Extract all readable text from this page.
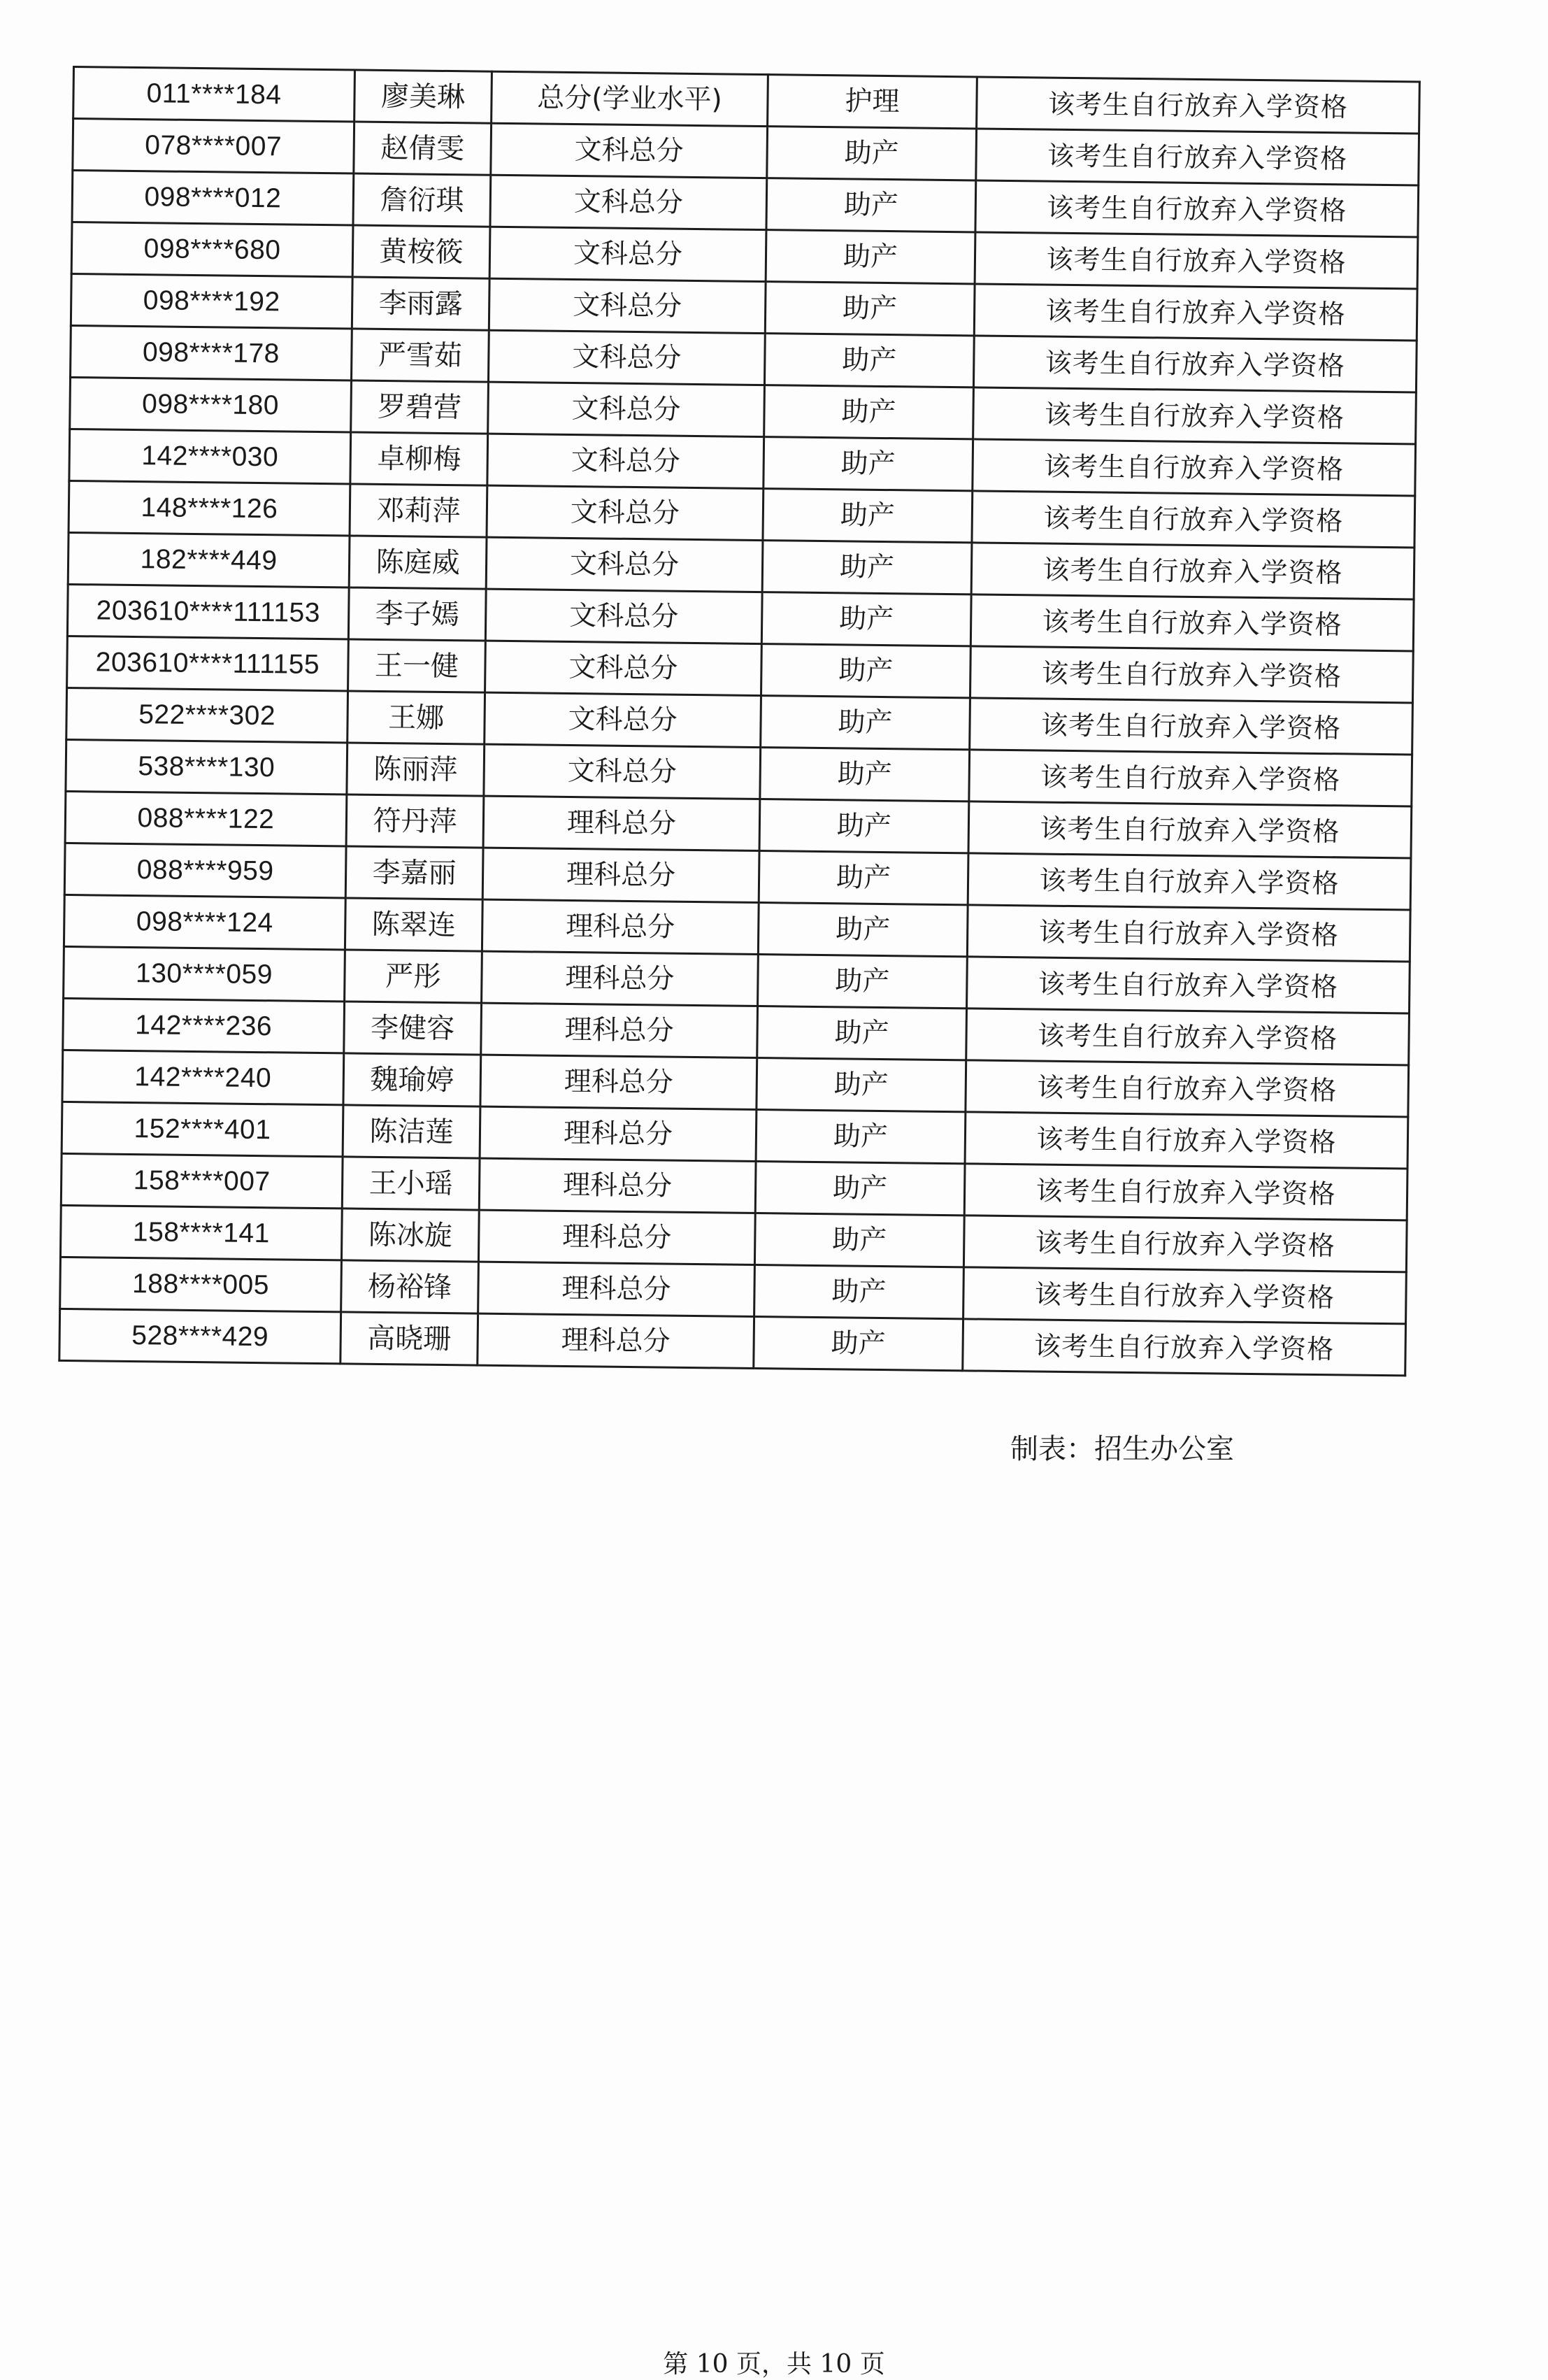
011****184	廖美琳	总分(学业水平)	护理	该考生自行放弃入学资格
078****007	赵倩雯	文科总分	助产	该考生自行放弃入学资格
098****012	詹衍琪	文科总分	助产	该考生自行放弃入学资格
098****680	黄桉筱	文科总分	助产	该考生自行放弃入学资格
098****192	李雨露	文科总分	助产	该考生自行放弃入学资格
098****178	严雪茹	文科总分	助产	该考生自行放弃入学资格
098****180	罗碧营	文科总分	助产	该考生自行放弃入学资格
142****030	卓柳梅	文科总分	助产	该考生自行放弃入学资格
148****126	邓莉萍	文科总分	助产	该考生自行放弃入学资格
182****449	陈庭威	文科总分	助产	该考生自行放弃入学资格
203610****111153	李子嫣	文科总分	助产	该考生自行放弃入学资格
203610****111155	王一健	文科总分	助产	该考生自行放弃入学资格
522****302	王娜	文科总分	助产	该考生自行放弃入学资格
538****130	陈丽萍	文科总分	助产	该考生自行放弃入学资格
088****122	符丹萍	理科总分	助产	该考生自行放弃入学资格
088****959	李嘉丽	理科总分	助产	该考生自行放弃入学资格
098****124	陈翠连	理科总分	助产	该考生自行放弃入学资格
130****059	严彤	理科总分	助产	该考生自行放弃入学资格
142****236	李健容	理科总分	助产	该考生自行放弃入学资格
142****240	魏瑜婷	理科总分	助产	该考生自行放弃入学资格
152****401	陈洁莲	理科总分	助产	该考生自行放弃入学资格
158****007	王小瑶	理科总分	助产	该考生自行放弃入学资格
158****141	陈冰旋	理科总分	助产	该考生自行放弃入学资格
188****005	杨裕锋	理科总分	助产	该考生自行放弃入学资格
528****429	高晓珊	理科总分	助产	该考生自行放弃入学资格
制表：招生办公室
第 10 页，共 10 页
